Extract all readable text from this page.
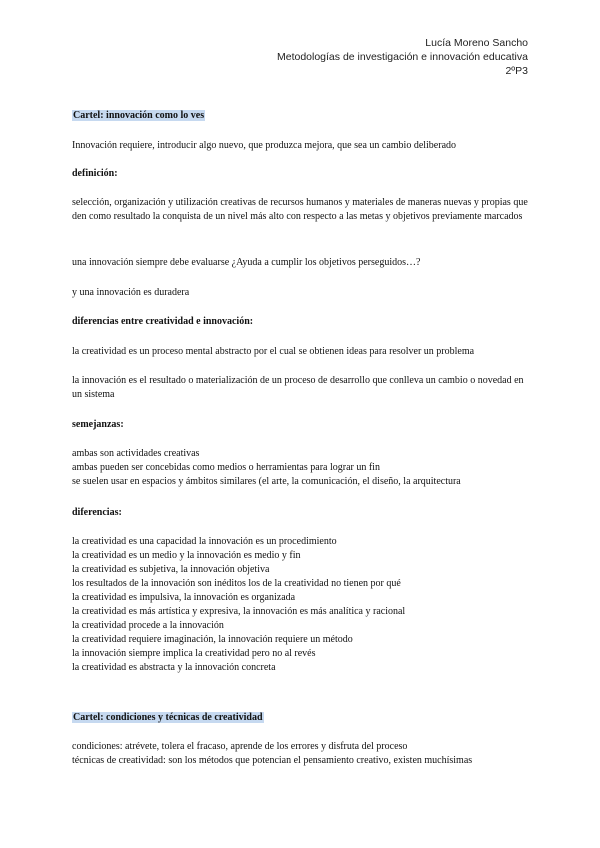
Lucía Moreno Sancho
Metodologías de investigación e innovación educativa
2ºP3

Cartel: innovación como lo ves

Innovación requiere, introducir algo nuevo, que produzca mejora, que sea un cambio deliberado

definición:

selección, organización y utilización creativas de recursos humanos y materiales de maneras nuevas y propias que den como resultado la conquista de un nivel más alto con respecto a las metas y objetivos previamente marcados

una innovación siempre debe evaluarse ¿Ayuda a cumplir los objetivos perseguidos…?

y una innovación es duradera

diferencias entre creatividad e innovación:

la creatividad es un proceso mental abstracto por el cual se obtienen ideas para resolver un problema

la innovación es el resultado o materialización de un proceso de desarrollo que conlleva un cambio o novedad en un sistema

semejanzas:

ambas son actividades creativas
ambas pueden ser concebidas como medios o herramientas para lograr un fin
se suelen usar en espacios y ámbitos similares (el arte, la comunicación, el diseño, la arquitectura

diferencias:

la creatividad es una capacidad la innovación es un procedimiento
la creatividad es un medio y la innovación es medio y fin
la creatividad es subjetiva, la innovación objetiva
los resultados de la innovación son inéditos los de la creatividad no tienen por qué
la creatividad es impulsiva, la innovación es organizada
la creatividad es más artística y expresiva, la innovación es más analítica y racional
la creatividad procede a la innovación
la creatividad requiere imaginación, la innovación requiere un método
la innovación siempre implica la creatividad pero no al revés
la creatividad es abstracta y la innovación concreta

Cartel: condiciones y técnicas de creatividad

condiciones: atrévete, tolera el fracaso, aprende de los errores y disfruta del proceso
técnicas de creatividad: son los métodos que potencian el pensamiento creativo, existen muchísimas
